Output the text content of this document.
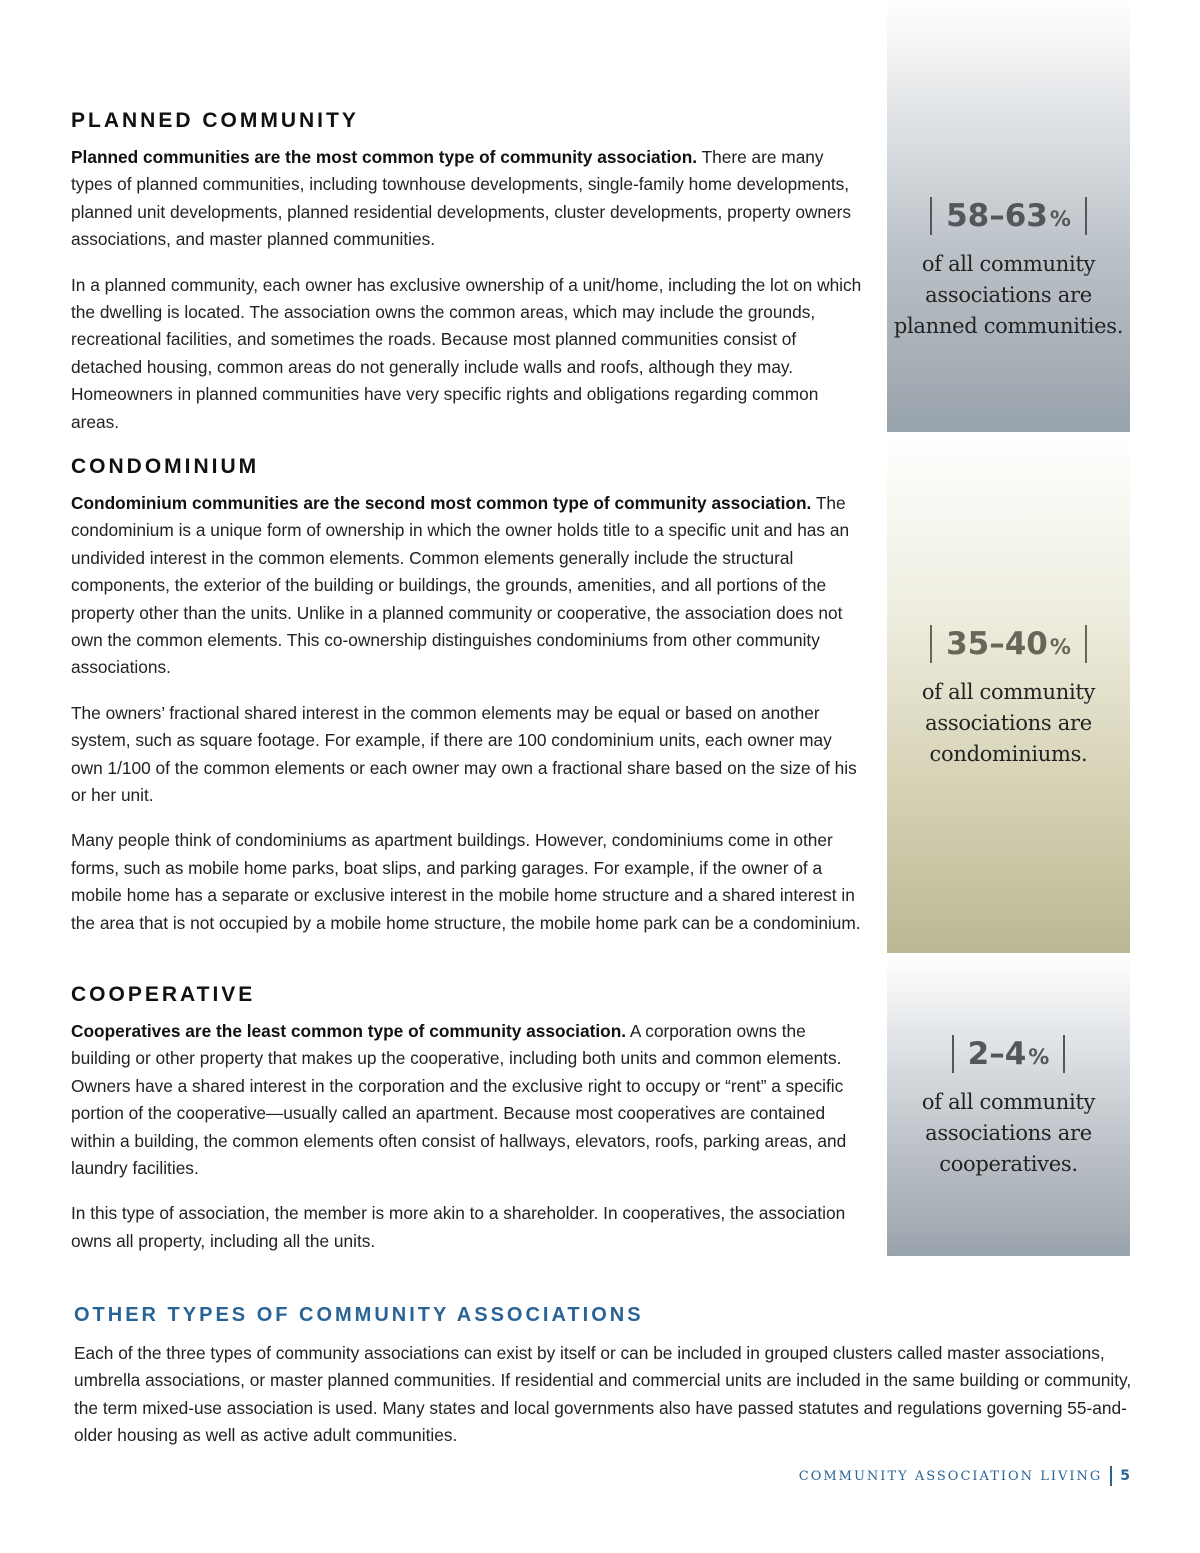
PLANNED COMMUNITY

Planned communities are the most common type of community association. There are many types of planned communities, including townhouse developments, single-family home developments, planned unit developments, planned residential developments, cluster developments, property owners associations, and master planned communities.

In a planned community, each owner has exclusive ownership of a unit/home, including the lot on which the dwelling is located. The association owns the common areas, which may include the grounds, recreational facilities, and sometimes the roads. Because most planned communities consist of detached housing, common areas do not generally include walls and roofs, although they may. Homeowners in planned communities have very specific rights and obligations regarding common areas.

CONDOMINIUM

Condominium communities are the second most common type of community association. The condominium is a unique form of ownership in which the owner holds title to a specific unit and has an undivided interest in the common elements. Common elements generally include the structural components, the exterior of the building or buildings, the grounds, amenities, and all portions of the property other than the units. Unlike in a planned community or cooperative, the association does not own the common elements. This co-ownership distinguishes condominiums from other community associations.

The owners’ fractional shared interest in the common elements may be equal or based on another system, such as square footage. For example, if there are 100 condominium units, each owner may own 1/100 of the common elements or each owner may own a fractional share based on the size of his or her unit.

Many people think of condominiums as apartment buildings. However, condominiums come in other forms, such as mobile home parks, boat slips, and parking garages. For example, if the owner of a mobile home has a separate or exclusive interest in the mobile home structure and a shared interest in the area that is not occupied by a mobile home structure, the mobile home park can be a condominium.

COOPERATIVE

Cooperatives are the least common type of community association. A corporation owns the building or other property that makes up the cooperative, including both units and common elements. Owners have a shared interest in the corporation and the exclusive right to occupy or “rent” a specific portion of the cooperative—usually called an apartment. Because most cooperatives are contained within a building, the common elements often consist of hallways, elevators, roofs, parking areas, and laundry facilities.

In this type of association, the member is more akin to a shareholder. In cooperatives, the association owns all property, including all the units.

58–63%
of all community
associations are
planned communities.
35–40%
of all community
associations are
condominiums.
2–4%
of all community
associations are
cooperatives.
OTHER TYPES OF COMMUNITY ASSOCIATIONS

Each of the three types of community associations can exist by itself or can be included in grouped clusters called master associations, umbrella associations, or master planned communities. If residential and commercial units are included in the same building or community, the term mixed-use association is used. Many states and local governments also have passed statutes and regulations governing 55-and-older housing as well as active adult communities.

COMMUNITY ASSOCIATION LIVING 5
